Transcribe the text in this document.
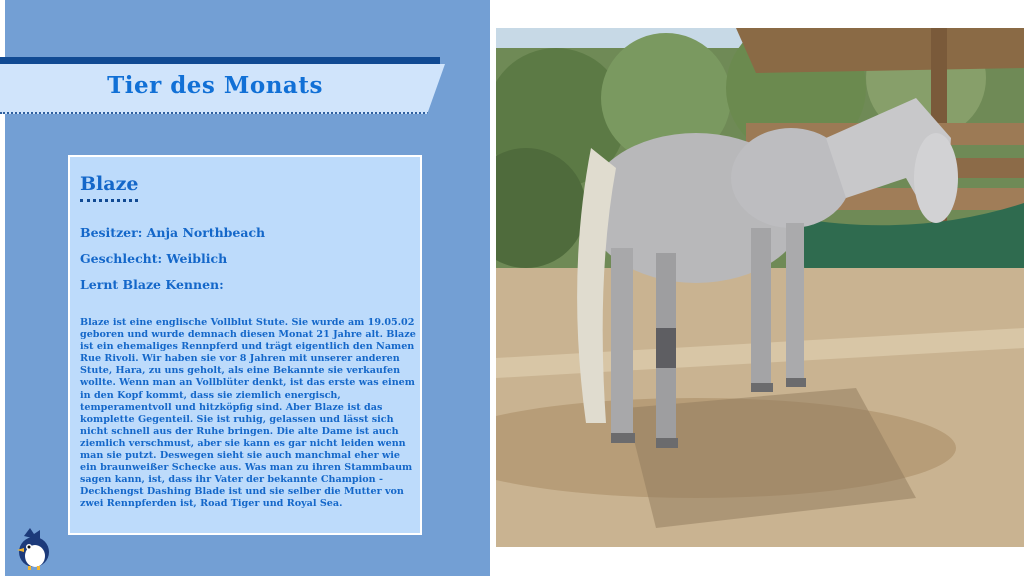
Tier des Monats
Blaze
Besitzer: Anja Northbeach
Geschlecht: Weiblich
Lernt Blaze Kennen:

Blaze ist eine englische Vollblut Stute. Sie wurde am 19.05.02 geboren und wurde demnach diesen Monat 21 Jahre alt. Blaze ist ein ehemaliges Rennpferd und trägt eigentlich den Namen Rue Rivoli. Wir haben sie vor 8 Jahren mit unserer anderen Stute, Hara, zu uns geholt, als eine Bekannte sie verkaufen wollte. Wenn man an Vollblüter denkt, ist das erste was einem in den Kopf kommt, dass sie ziemlich energisch, temperamentvoll und hitzköpfig sind. Aber Blaze ist das komplette Gegenteil. Sie ist ruhig, gelassen und lässt sich nicht schnell aus der Ruhe bringen. Die alte Dame ist auch ziemlich verschmust, aber sie kann es gar nicht leiden wenn man sie putzt. Deswegen sieht sie auch manchmal eher wie ein braunweißer Schecke aus. Was man zu ihren Stammbaum sagen kann, ist, dass ihr Vater der bekannte Champion - Deckhengst Dashing Blade ist und sie selber die Mutter von zwei Rennpferden ist, Road Tiger und Royal Sea.
